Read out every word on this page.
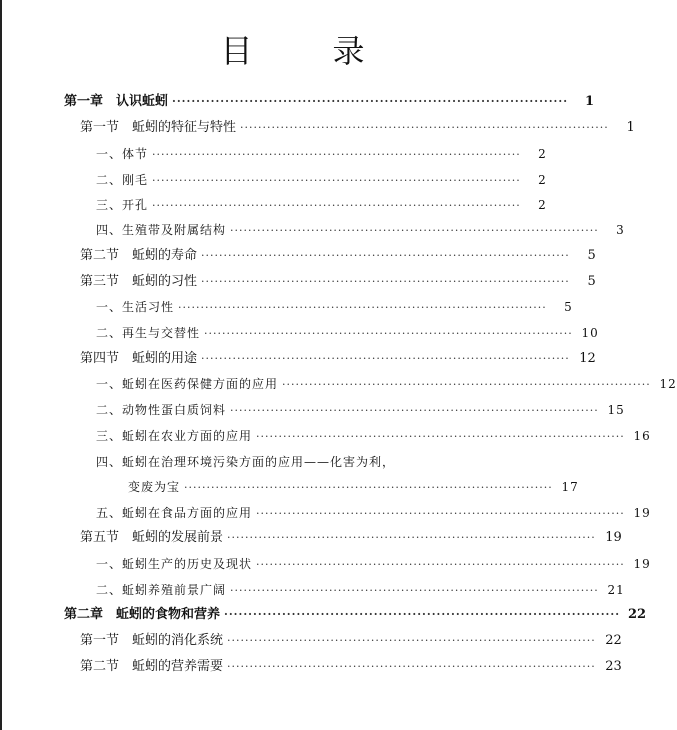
目	录
第一章　认识蚯蚓 ··················································································	1
第一节　蚯蚓的特征与特性 ··················································································	1
一、体节 ··················································································	2
二、刚毛 ··················································································	2
三、开孔 ··················································································	2
四、生殖带及附属结构 ··················································································	3
第二节　蚯蚓的寿命 ··················································································	5
第三节　蚯蚓的习性 ··················································································	5
一、生活习性 ··················································································	5
二、再生与交替性 ·················································································· 10
第四节　蚯蚓的用途 ·················································································· 12
一、蚯蚓在医药保健方面的应用 ·················································································· 12
二、动物性蛋白质饲料 ·················································································· 15
三、蚯蚓在农业方面的应用 ·················································································· 16
四、蚯蚓在治理环境污染方面的应用——化害为利，
变废为宝 ·················································································· 17
五、蚯蚓在食品方面的应用 ·················································································· 19
第五节　蚯蚓的发展前景 ·················································································· 19
一、蚯蚓生产的历史及现状 ·················································································· 19
二、蚯蚓养殖前景广阔 ·················································································· 21
第二章　蚯蚓的食物和营养 ·················································································· 22
第一节　蚯蚓的消化系统 ·················································································· 22
第二节　蚯蚓的营养需要 ·················································································· 23
